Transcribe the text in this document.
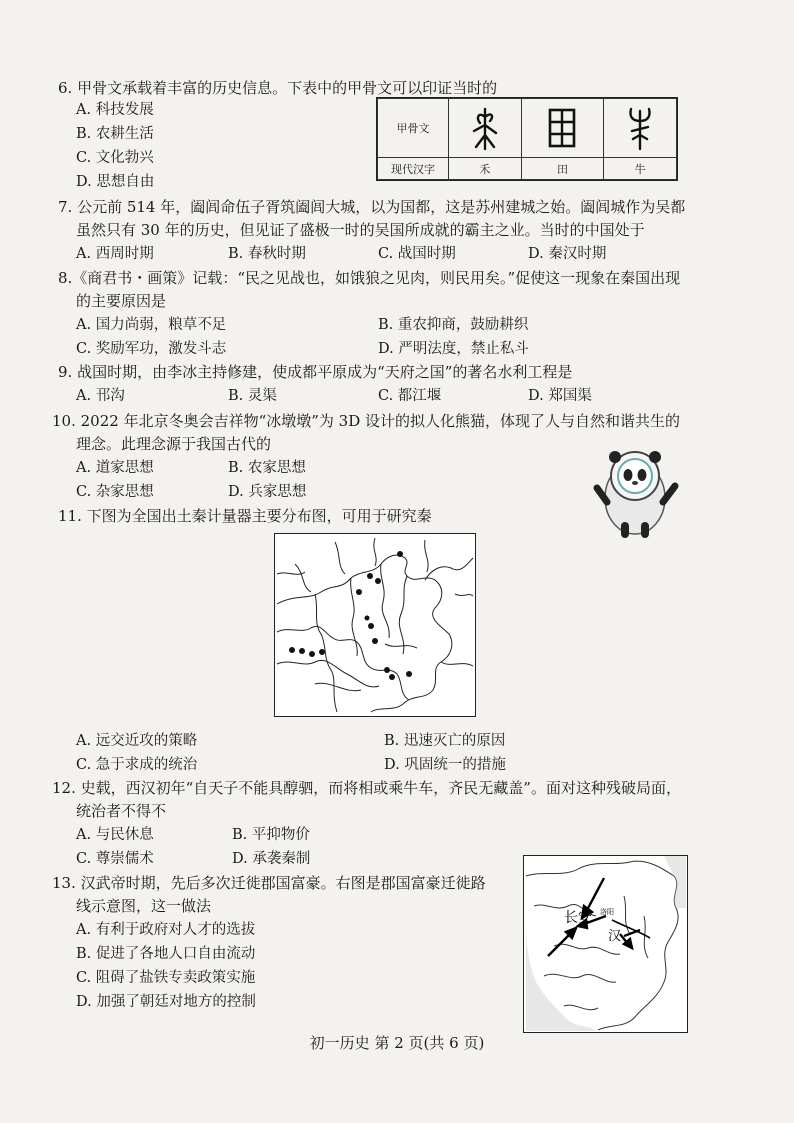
6. 甲骨文承载着丰富的历史信息。下表中的甲骨文可以印证当时的
A. 科技发展
B. 农耕生活
C. 文化勃兴
D. 思想自由
甲骨文	

现代汉字	禾	田	牛
7. 公元前 514 年，阖闾命伍子胥筑阖闾大城，以为国都，这是苏州建城之始。阖闾城作为吴都
虽然只有 30 年的历史，但见证了盛极一时的吴国所成就的霸主之业。当时的中国处于
A. 西周时期	B. 春秋时期	C. 战国时期	D. 秦汉时期
8.《商君书・画策》记载：“民之见战也，如饿狼之见肉，则民用矣。”促使这一现象在秦国出现
的主要原因是
A. 国力尚弱，粮草不足	B. 重农抑商，鼓励耕织
C. 奖励军功，激发斗志	D. 严明法度，禁止私斗
9. 战国时期，由李冰主持修建，使成都平原成为“天府之国”的著名水利工程是
A. 邗沟	B. 灵渠	C. 都江堰	D. 郑国渠
10. 2022 年北京冬奥会吉祥物“冰墩墩”为 3D 设计的拟人化熊猫，体现了人与自然和谐共生的
理念。此理念源于我国古代的
A. 道家思想	B. 农家思想
C. 杂家思想	D. 兵家思想
11. 下图为全国出土秦计量器主要分布图，可用于研究秦
A. 远交近攻的策略	B. 迅速灭亡的原因
C. 急于求成的统治	D. 巩固统一的措施
12. 史载，西汉初年“自天子不能具醇驷，而将相或乘牛车，齐民无藏盖”。面对这种残破局面，
统治者不得不
A. 与民休息	B. 平抑物价
C. 尊崇儒术	D. 承袭秦制
13. 汉武帝时期，先后多次迁徙郡国富豪。右图是郡国富豪迁徙路
线示意图，这一做法
A. 有利于政府对人才的选拔
B. 促进了各地人口自由流动
C. 阻碍了盐铁专卖政策实施
D. 加强了朝廷对地方的控制
长安
汉
洛阳
初一历史 第 2 页(共 6 页)
